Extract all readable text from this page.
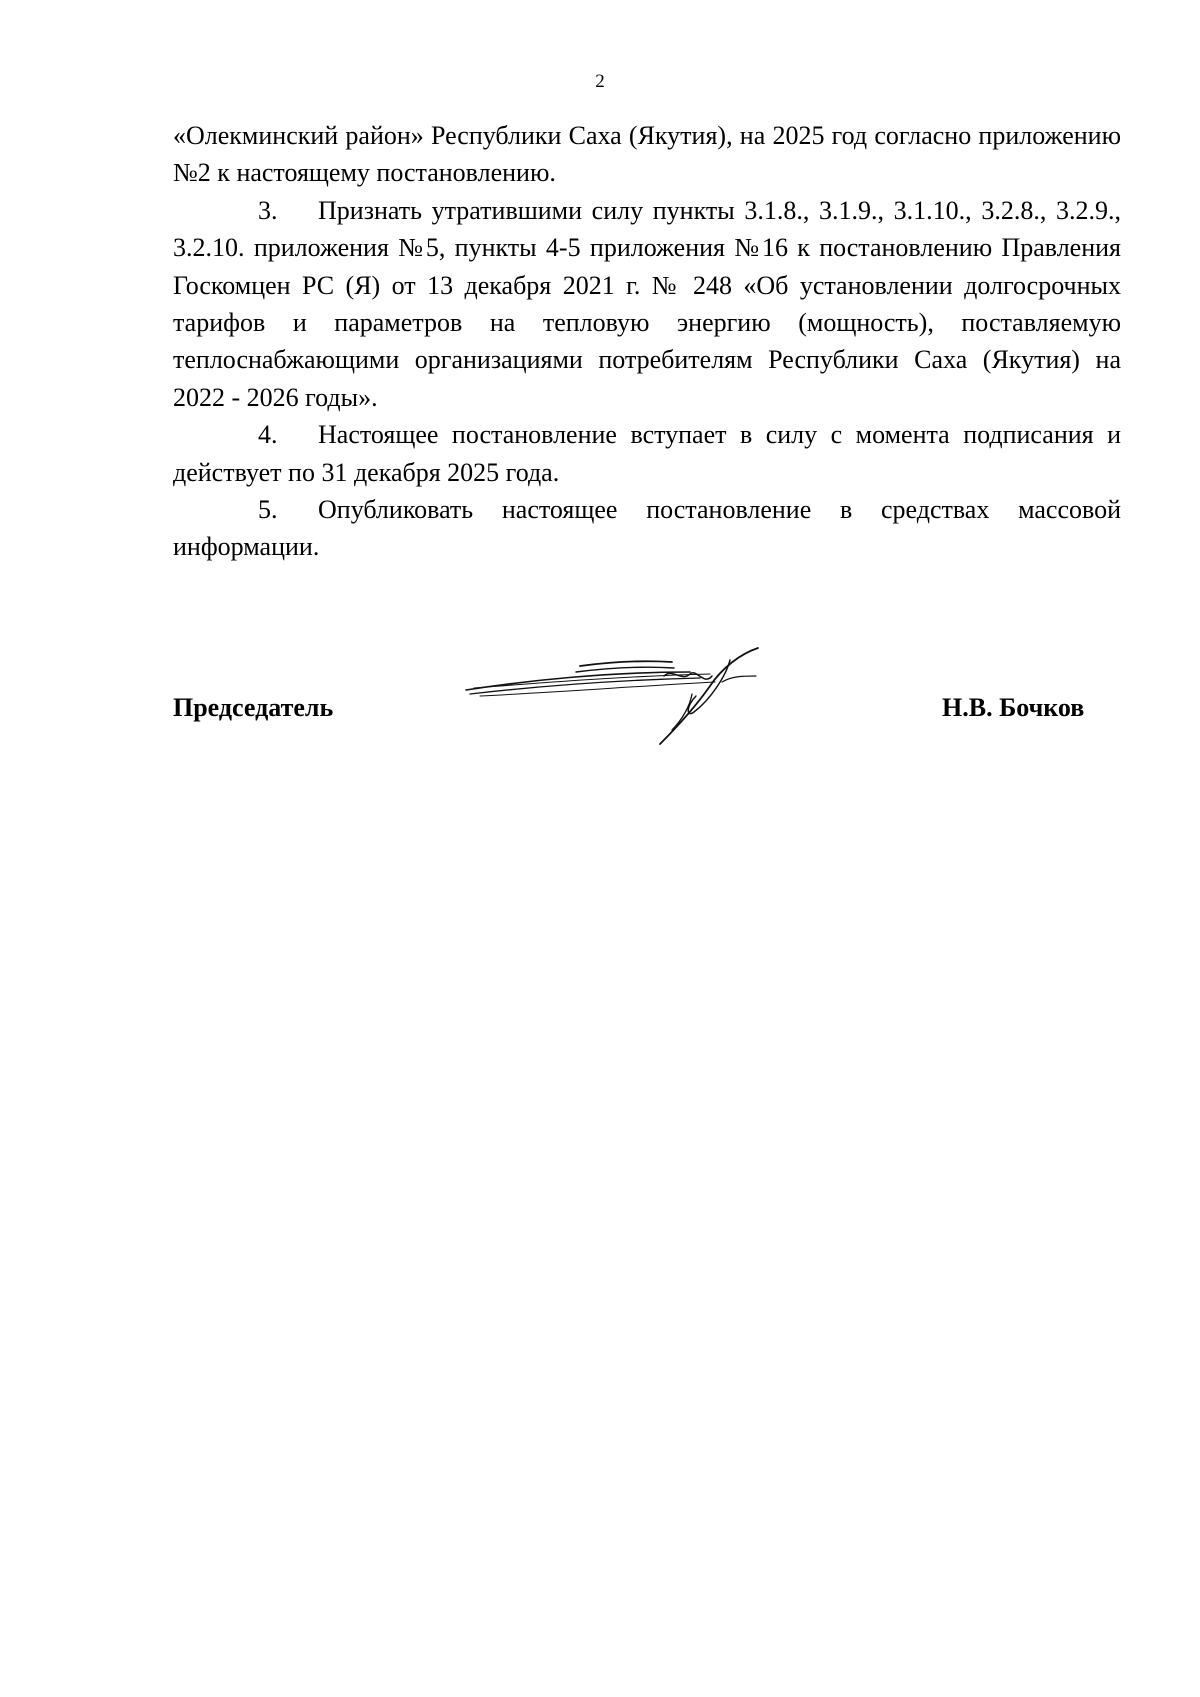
2

«Олекминский район» Республики Саха (Якутия), на 2025 год согласно приложению №2 к настоящему постановлению.

3. Признать утратившими силу пункты 3.1.8., 3.1.9., 3.1.10., 3.2.8., 3.2.9., 3.2.10. приложения №5, пункты 4-5 приложения №16 к постановлению Правления Госкомцен РС (Я) от 13 декабря 2021 г. № 248 «Об установлении долгосрочных тарифов и параметров на тепловую энергию (мощность), поставляемую теплоснабжающими организациями потребителям Республики Саха (Якутия) на 2022 - 2026 годы».

4. Настоящее постановление вступает в силу с момента подписания и действует по 31 декабря 2025 года.

5. Опубликовать настоящее постановление в средствах массовой информации.

Председатель	Н.В. Бочков
